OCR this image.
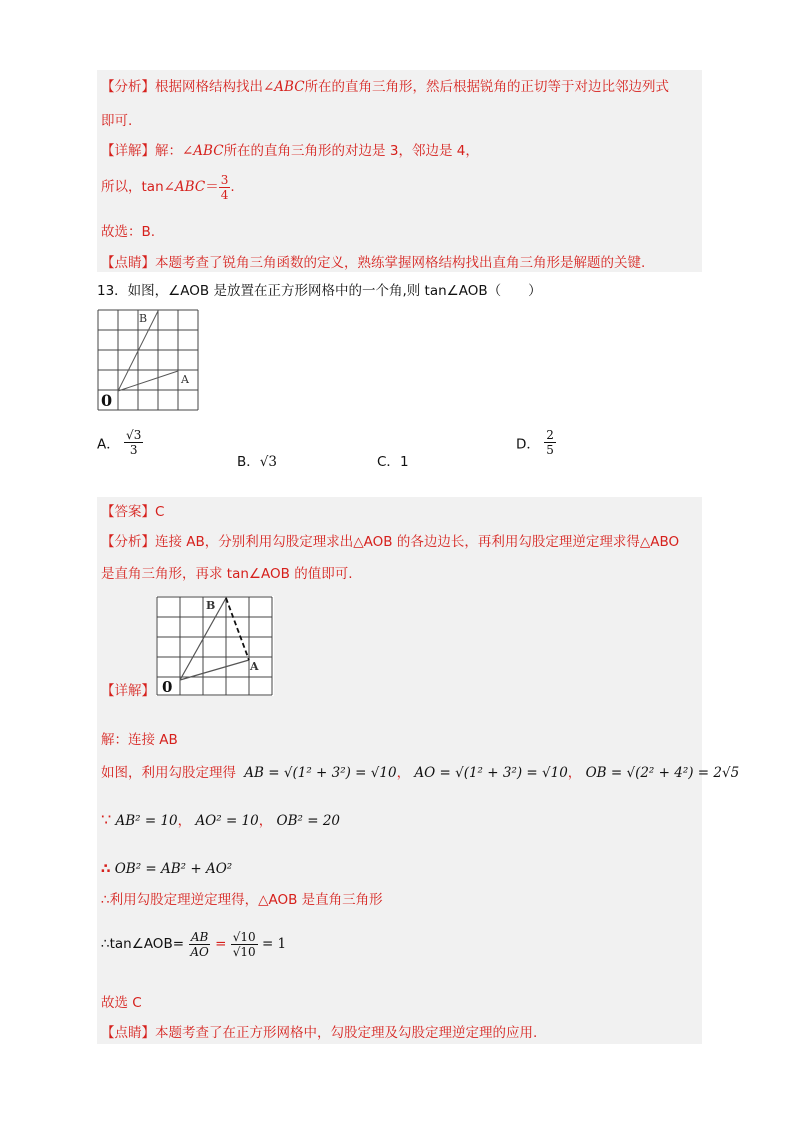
【分析】根据网格结构找出∠ABC所在的直角三角形，然后根据锐角的正切等于对边比邻边列式
即可.
【详解】解：∠ABC所在的直角三角形的对边是 3，邻边是 4，
所以，tan∠ABC＝ $\frac{3}{4}$ .
故选：B.
【点睛】本题考查了锐角三角函数的定义，熟练掌握网格结构找出直角三角形是解题的关键.
13．如图，∠AOB 是放置在正方形网格中的一个角,则 tan∠AOB（　　）
B
A
0
A． $\frac{√3}{3}$
B．√3	C．1
D． $\frac{2}{5}$
【答案】C
【分析】连接 AB，分别利用勾股定理求出△AOB 的各边边长，再利用勾股定理逆定理求得△ABO
是直角三角形，再求 tan∠AOB 的值即可.
B
A
0
【详解】
解：连接 AB
如图，利用勾股定理得 AB = √(1² + 3²) = √10， AO = √(1² + 3²) = √10， OB = √(2² + 4²) = 2√5
∵ AB² = 10， AO² = 10， OB² = 20
∴ OB² = AB² + AO²
∴利用勾股定理逆定理得，△AOB 是直角三角形
∴tan∠AOB= $\frac{AB}{AO} = \frac{√10}{√10} = 1$
故选 C
【点睛】本题考查了在正方形网格中，勾股定理及勾股定理逆定理的应用.
